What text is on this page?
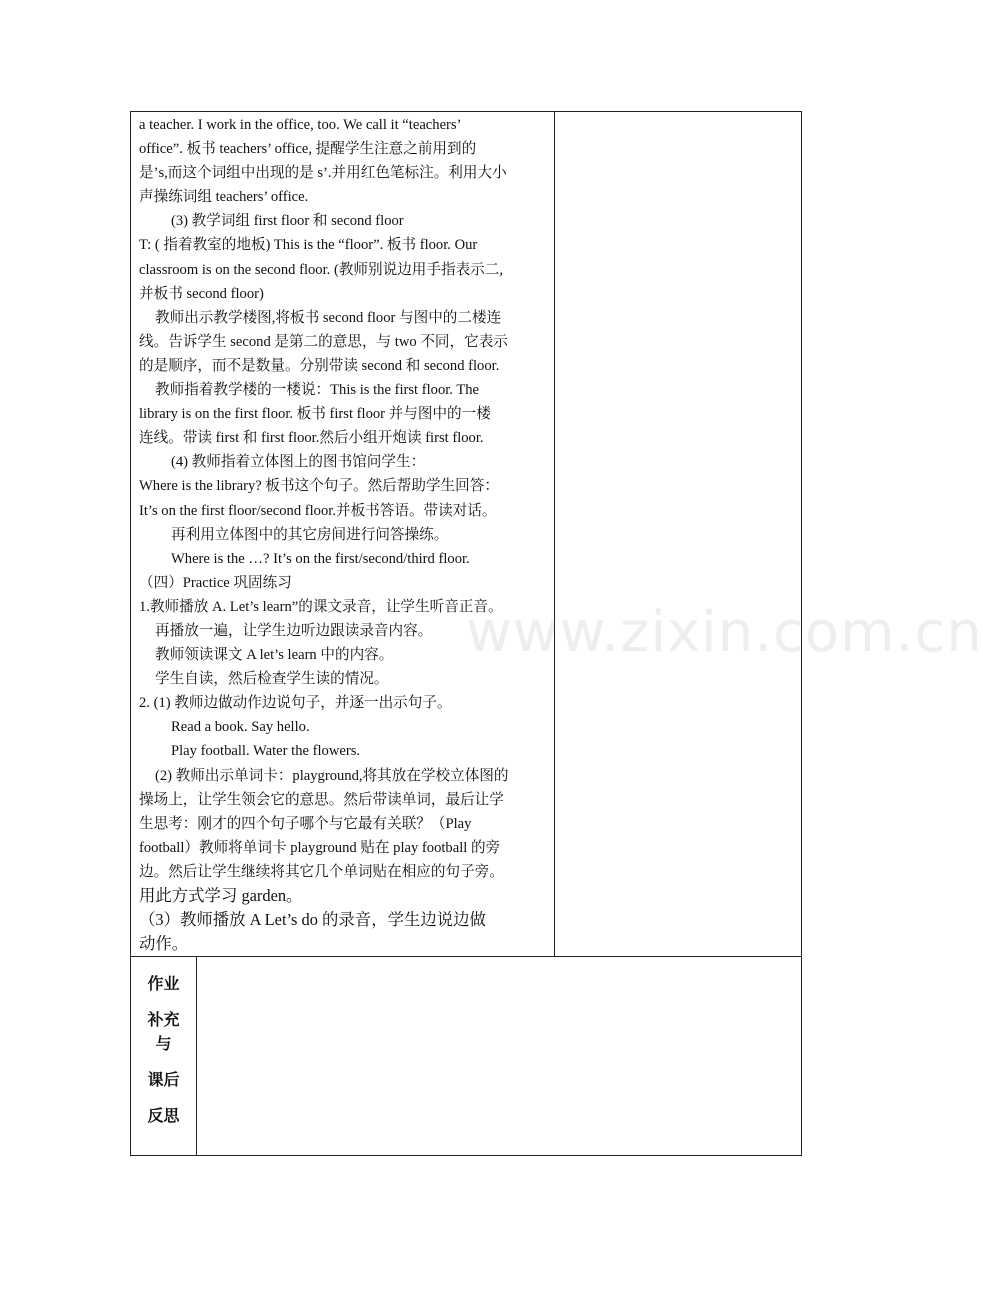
a teacher. I work in the office, too. We call it “teachers’

office”. 板书 teachers’ office, 提醒学生注意之前用到的

是’s,而这个词组中出现的是 s’.并用红色笔标注。利用大小

声操练词组 teachers’ office.

(3) 教学词组 first floor 和 second floor

T: ( 指着教室的地板) This is the “floor”. 板书 floor. Our

classroom is on the second floor. (教师别说边用手指表示二,

并板书 second floor)

教师出示教学楼图,将板书 second floor 与图中的二楼连

线。告诉学生 second 是第二的意思，与 two 不同，它表示

的是顺序，而不是数量。分别带读 second 和 second floor.

教师指着教学楼的一楼说：This is the first floor. The

library is on the first floor. 板书 first floor 并与图中的一楼

连线。带读 first 和 first floor.然后小组开炮读 first floor.

(4) 教师指着立体图上的图书馆问学生：

Where is the library? 板书这个句子。然后帮助学生回答：

It’s on the first floor/second floor.并板书答语。带读对话。

再利用立体图中的其它房间进行问答操练。

Where is the …? It’s on the first/second/third floor.

（四）Practice 巩固练习

1.教师播放 A. Let’s learn”的课文录音，让学生听音正音。

再播放一遍，让学生边听边跟读录音内容。

教师领读课文 A let’s learn 中的内容。

学生自读，然后检查学生读的情况。

2. (1) 教师边做动作边说句子，并逐一出示句子。

Read a book. Say hello.

Play football. Water the flowers.

(2) 教师出示单词卡：playground,将其放在学校立体图的

操场上，让学生领会它的意思。然后带读单词，最后让学

生思考：刚才的四个句子哪个与它最有关联？（Play

football）教师将单词卡 playground 贴在 play football 的旁

边。然后让学生继续将其它几个单词贴在相应的句子旁。

用此方式学习 garden。

（3）教师播放 A Let’s do 的录音，学生边说边做

动作。

作业
补充
与
课后
反思
www.zixin.com.cn
